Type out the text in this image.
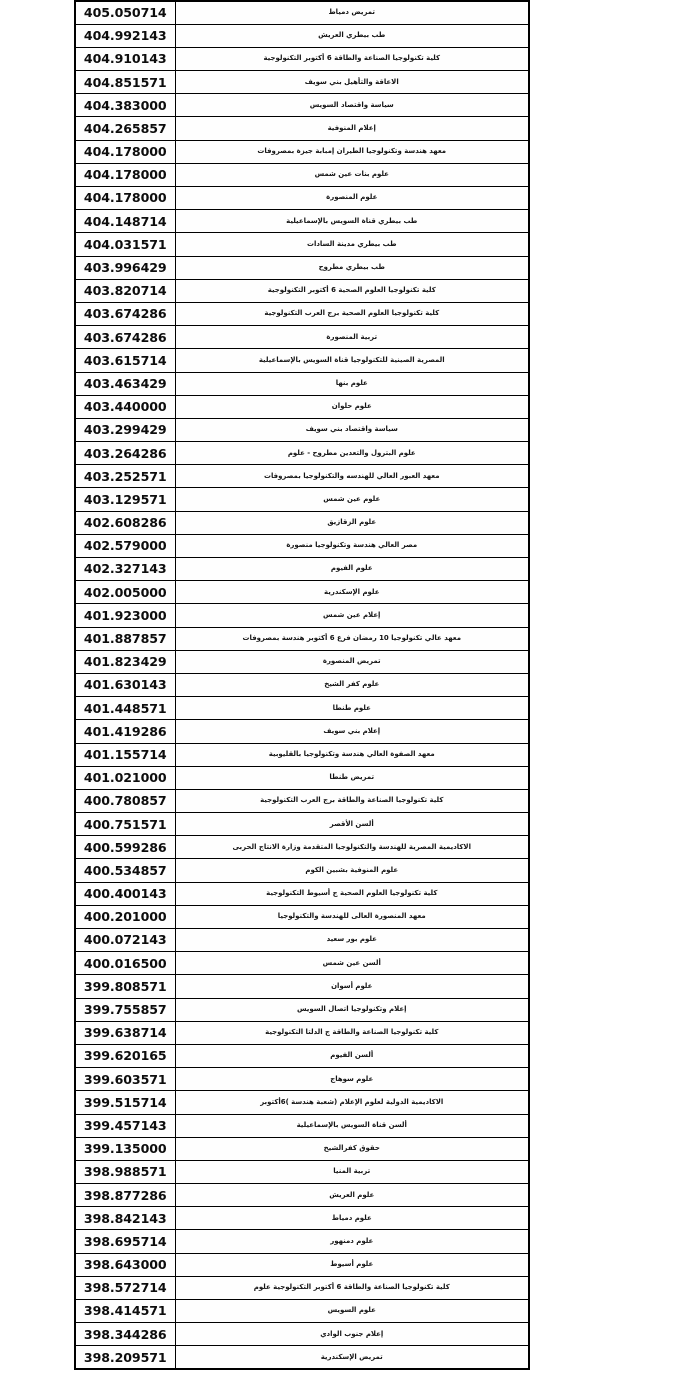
تمريض دمياط	405.050714
طب بيطري العريش	404.992143
كلية تكنولوجيا الصناعة والطاقة 6 أكتوبر التكنولوجية	404.910143
الاعاقة والتأهيل بني سويف	404.851571
سياسة واقتصاد السويس	404.383000
إعلام المنوفية	404.265857
معهد هندسة وتكنولوجيا الطيران إمبابة جيزة بمصروفات	404.178000
علوم بنات عين شمس	404.178000
علوم المنصورة	404.178000
طب بيطري قناة السويس بالإسماعيلية	404.148714
طب بيطري مدينة السادات	404.031571
طب بيطري مطروح	403.996429
كلية تكنولوجيا العلوم الصحية 6 أكتوبر التكنولوجية	403.820714
كلية تكنولوجيا العلوم الصحية برج العرب التكنولوجية	403.674286
تربية المنصورة	403.674286
المصرية الصينية للتكنولوجيا قناة السويس بالإسماعيلية	403.615714
علوم بنها	403.463429
علوم حلوان	403.440000
سياسة واقتصاد بني سويف	403.299429
علوم البترول والتعدين مطروح - علوم	403.264286
معهد العبور العالي للهندسه والتكنولوجيا بمصروفات	403.252571
علوم عين شمس	403.129571
علوم الزقازيق	402.608286
مصر العالي هندسة وتكنولوجيا منصورة	402.579000
علوم الفيوم	402.327143
علوم الإسكندرية	402.005000
إعلام عين شمس	401.923000
معهد عالي تكنولوجيا 10 رمضان فرع 6 أكتوبر هندسة بمصروفات	401.887857
تمريض المنصورة	401.823429
علوم كفر الشيخ	401.630143
علوم طنطا	401.448571
إعلام بني سويف	401.419286
معهد الصفوة العالي هندسة وتكنولوجيا بالقليوبية	401.155714
تمريض طنطا	401.021000
كلية تكنولوجيا الصناعة والطاقة برج العرب التكنولوجية	400.780857
ألسن الأقصر	400.751571
الاكاديمية المصرية للهندسة والتكنولوجيا المتقدمة وزارة الانتاج الحربى	400.599286
علوم المنوفية بشبين الكوم	400.534857
كلية تكنولوجيا العلوم الصحية ج أسيوط التكنولوجية	400.400143
معهد المنصورة العالى للهندسة والتكنولوجيا	400.201000
علوم بور سعيد	400.072143
ألسن عين شمس	400.016500
علوم أسوان	399.808571
إعلام وتكنولوجيا اتصال السويس	399.755857
كلية تكنولوجيا الصناعة والطاقة ج الدلتا التكنولوجية	399.638714
ألسن الفيوم	399.620165
علوم سوهاج	399.603571
الاكاديمية الدولية لعلوم الإعلام (شعبة هندسة )6أكتوبر	399.515714
ألسن قناة السويس بالإسماعيلية	399.457143
حقوق كفرالشيخ	399.135000
تربية المنيا	398.988571
علوم العريش	398.877286
علوم دمياط	398.842143
علوم دمنهور	398.695714
علوم أسيوط	398.643000
كلية تكنولوجيا الصناعة والطاقة 6 أكتوبر التكنولوجية علوم	398.572714
علوم السويس	398.414571
إعلام جنوب الوادي	398.344286
تمريض الإسكندرية	398.209571
